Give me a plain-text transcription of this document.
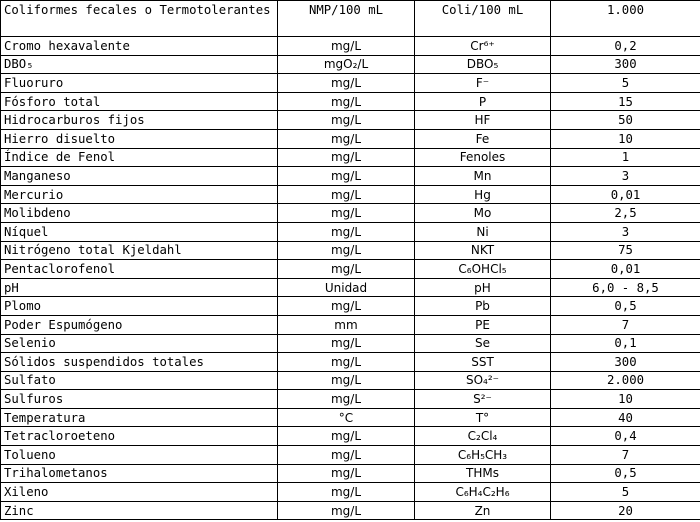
Coliformes fecales o Termotolerantes	NMP/100 mL	Coli/100 mL	1.000
Cromo hexavalente	mg/L	Cr⁶⁺	0,2
DBO₅	mgO₂/L	DBO₅	300
Fluoruro	mg/L	F⁻	5
Fósforo total	mg/L	P	15
Hidrocarburos fijos	mg/L	HF	50
Hierro disuelto	mg/L	Fe	10
Índice de Fenol	mg/L	Fenoles	1
Manganeso	mg/L	Mn	3
Mercurio	mg/L	Hg	0,01
Molibdeno	mg/L	Mo	2,5
Níquel	mg/L	Ni	3
Nitrógeno total Kjeldahl	mg/L	NKT	75
Pentaclorofenol	mg/L	C₆OHCl₅	0,01
pH	Unidad	pH	6,0 - 8,5
Plomo	mg/L	Pb	0,5
Poder Espumógeno	mm	PE	7
Selenio	mg/L	Se	0,1
Sólidos suspendidos totales	mg/L	SST	300
Sulfato	mg/L	SO₄²⁻	2.000
Sulfuros	mg/L	S²⁻	10
Temperatura	°C	T°	40
Tetracloroeteno	mg/L	C₂Cl₄	0,4
Tolueno	mg/L	C₆H₅CH₃	7
Trihalometanos	mg/L	THMs	0,5
Xileno	mg/L	C₆H₄C₂H₆	5
Zinc	mg/L	Zn	20
